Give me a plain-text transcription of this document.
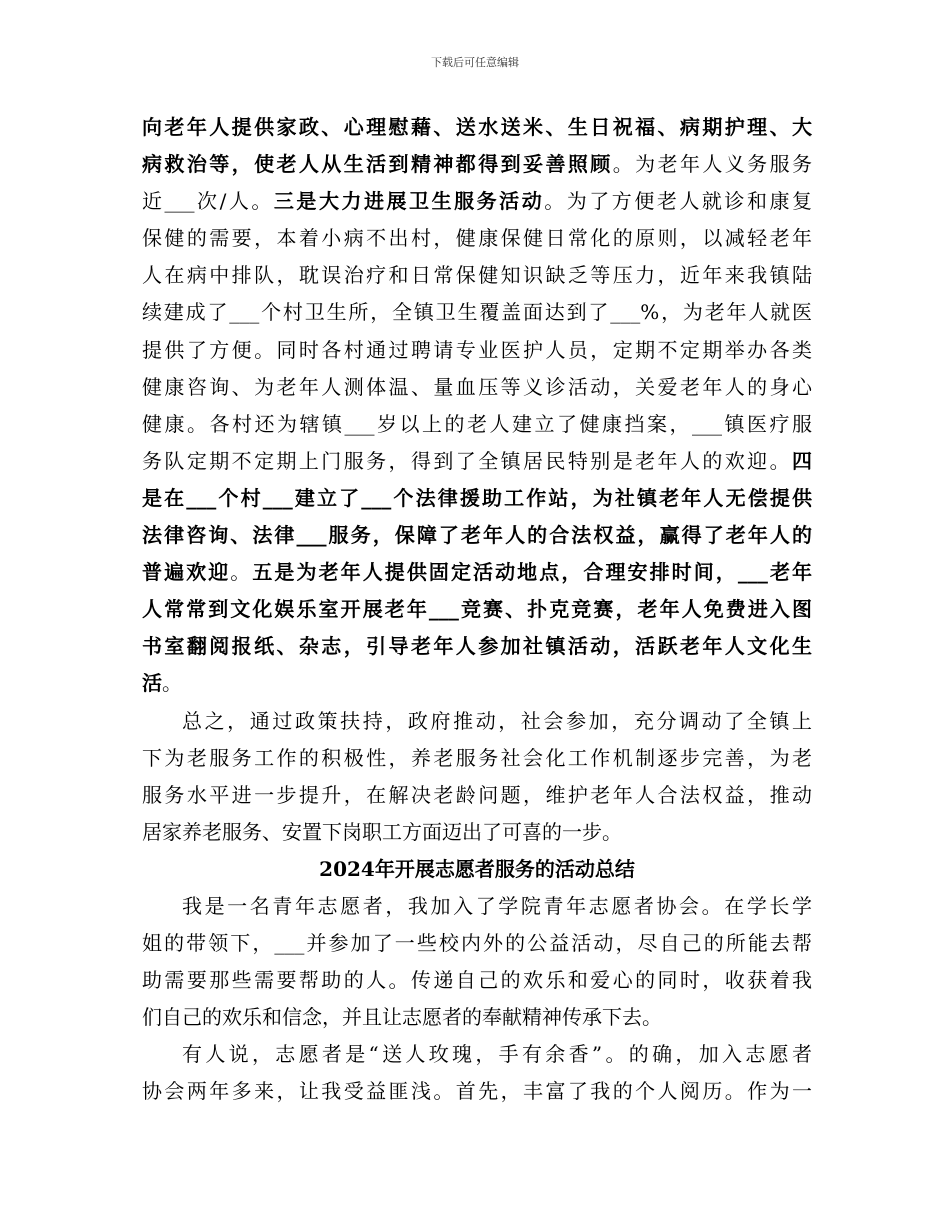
下载后可任意编辑
向老年人提供家政、心理慰藉、送水送米、生日祝福、病期护理、大
病救治等，使老人从生活到精神都得到妥善照顾。为老年人义务服务
近___次/人。三是大力进展卫生服务活动。为了方便老人就诊和康复
保健的需要，本着小病不出村，健康保健日常化的原则，以减轻老年
人在病中排队，耽误治疗和日常保健知识缺乏等压力，近年来我镇陆
续建成了___个村卫生所，全镇卫生覆盖面达到了___%，为老年人就医
提供了方便。同时各村通过聘请专业医护人员，定期不定期举办各类
健康咨询、为老年人测体温、量血压等义诊活动，关爱老年人的身心
健康。各村还为辖镇___岁以上的老人建立了健康挡案，___镇医疗服
务队定期不定期上门服务，得到了全镇居民特别是老年人的欢迎。四
是在___个村___建立了___个法律援助工作站，为社镇老年人无偿提供
法律咨询、法律___服务，保障了老年人的合法权益，赢得了老年人的
普遍欢迎。五是为老年人提供固定活动地点，合理安排时间，___老年
人常常到文化娱乐室开展老年___竞赛、扑克竞赛，老年人免费进入图
书室翻阅报纸、杂志，引导老年人参加社镇活动，活跃老年人文化生
活。
总之，通过政策扶持，政府推动，社会参加，充分调动了全镇上
下为老服务工作的积极性，养老服务社会化工作机制逐步完善，为老
服务水平进一步提升，在解决老龄问题，维护老年人合法权益，推动
居家养老服务、安置下岗职工方面迈出了可喜的一步。
2024年开展志愿者服务的活动总结
我是一名青年志愿者，我加入了学院青年志愿者协会。在学长学
姐的带领下，___并参加了一些校内外的公益活动，尽自己的所能去帮
助需要那些需要帮助的人。传递自己的欢乐和爱心的同时，收获着我
们自己的欢乐和信念，并且让志愿者的奉献精神传承下去。
有人说，志愿者是“送人玫瑰，手有余香”。的确，加入志愿者
协会两年多来，让我受益匪浅。首先，丰富了我的个人阅历。作为一
